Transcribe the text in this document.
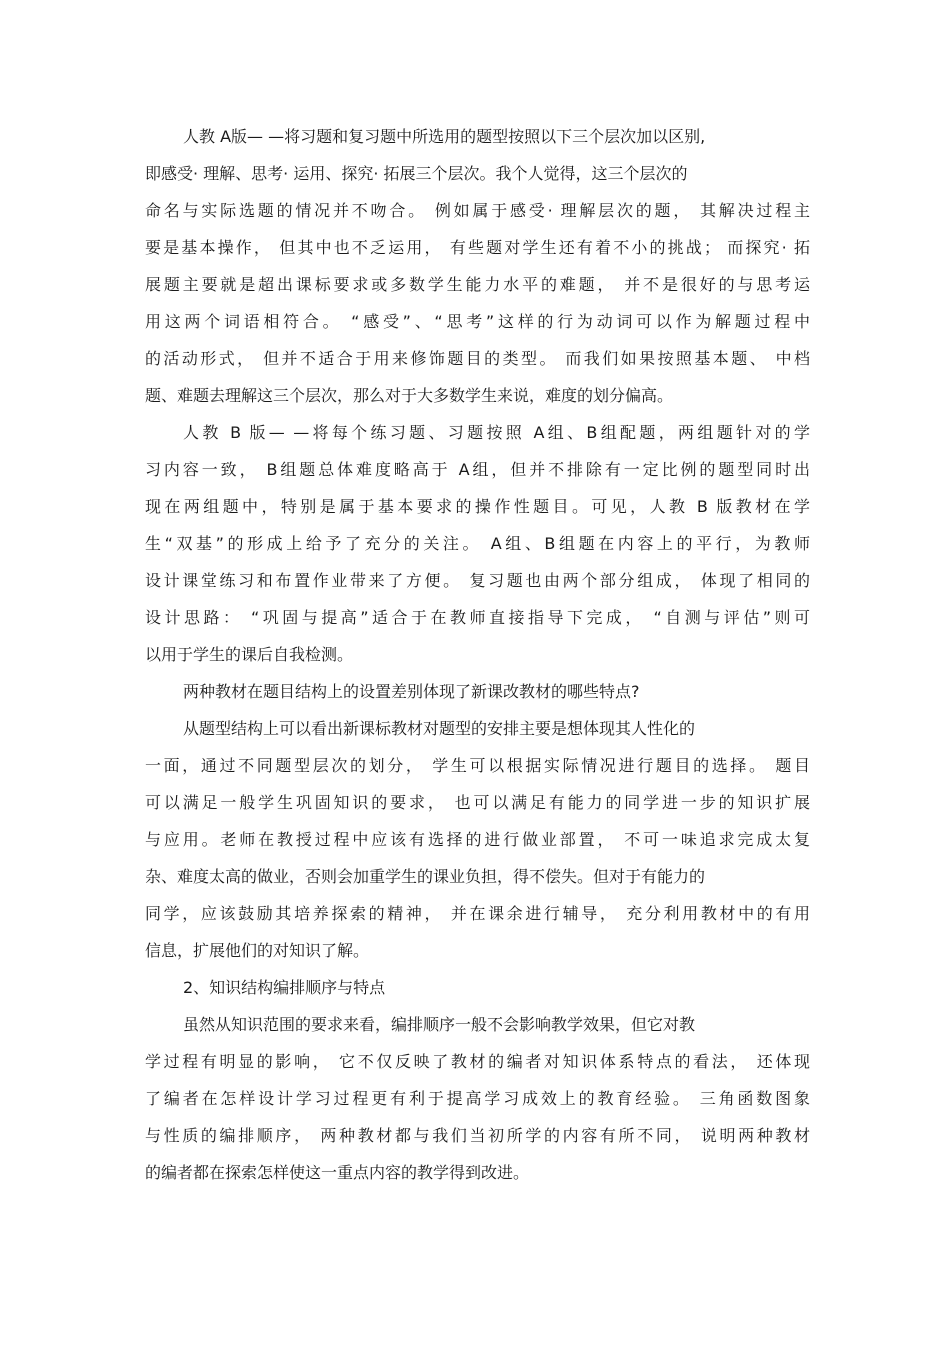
人教 A版— —将习题和复习题中所选用的题型按照以下三个层次加以区别,
即感受· 理解、思考· 运用、探究· 拓展三个层次。我个人觉得，这三个层次的
命名与实际选题的情况并不吻合。 例如属于感受· 理解层次的题， 其解决过程主
要是基本操作， 但其中也不乏运用， 有些题对学生还有着不小的挑战； 而探究· 拓
展题主要就是超出课标要求或多数学生能力水平的难题， 并不是很好的与思考运
用这两个词语相符合。 “感受”、“思考”这样的行为动词可以作为解题过程中
的活动形式， 但并不适合于用来修饰题目的类型。 而我们如果按照基本题、 中档
题、难题去理解这三个层次，那么对于大多数学生来说，难度的划分偏高。
人教 B 版— —将每个练习题、习题按照 A组、B组配题，两组题针对的学
习内容一致， B组题总体难度略高于 A组，但并不排除有一定比例的题型同时出
现在两组题中，特别是属于基本要求的操作性题目。可见，人教 B 版教材在学
生“双基”的形成上给予了充分的关注。 A组、B组题在内容上的平行，为教师
设计课堂练习和布置作业带来了方便。 复习题也由两个部分组成， 体现了相同的
设计思路： “巩固与提高”适合于在教师直接指导下完成， “自测与评估”则可
以用于学生的课后自我检测。
两种教材在题目结构上的设置差别体现了新课改教材的哪些特点?
从题型结构上可以看出新课标教材对题型的安排主要是想体现其人性化的
一面，通过不同题型层次的划分， 学生可以根据实际情况进行题目的选择。 题目
可以满足一般学生巩固知识的要求， 也可以满足有能力的同学进一步的知识扩展
与应用。老师在教授过程中应该有选择的进行做业部置， 不可一味追求完成太复
杂、难度太高的做业，否则会加重学生的课业负担，得不偿失。但对于有能力的
同学，应该鼓励其培养探索的精神， 并在课余进行辅导， 充分利用教材中的有用
信息，扩展他们的对知识了解。
2、知识结构编排顺序与特点
虽然从知识范围的要求来看，编排顺序一般不会影响教学效果，但它对教
学过程有明显的影响， 它不仅反映了教材的编者对知识体系特点的看法， 还体现
了编者在怎样设计学习过程更有利于提高学习成效上的教育经验。 三角函数图象
与性质的编排顺序， 两种教材都与我们当初所学的内容有所不同， 说明两种教材
的编者都在探索怎样使这一重点内容的教学得到改进。
